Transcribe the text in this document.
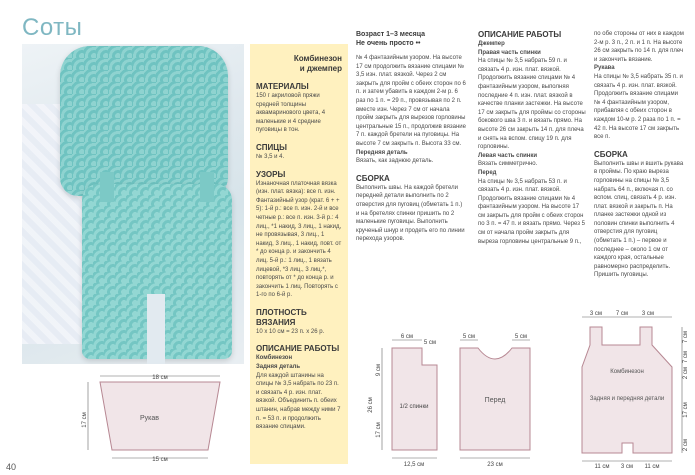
Соты
Комбинезон
и джемпер
МАТЕРИАЛЫ
150 г акриловой пряжи средней толщины аквамаринового цвета, 4 маленькие и 4 средние пуговицы в тон.
СПИЦЫ
№ 3,5 и 4.
УЗОРЫ
Изнаночная платочная вязка (изн. плат. вязка): все п. изн. Фантазийный узор (крат. 6 + + 5): 1-й р.: все п. изн. 2-й и все четные р.: все п. изн. 3-й р.: 4 лиц., *1 накид, 3 лиц., 1 накид, не провязывая, 3 лиц., 1 накид, 3 лиц., 1 накид, повт. от * до конца р. и закончить 4 лиц. 5-й р.: 1 лиц., 1 вязать лицевой, *3 лиц., 3 лиц.*, повторять от * до конца р. и закончить 1 лиц. Повторять с 1-го по 6-й р.
ПЛОТНОСТЬ ВЯЗАНИЯ
10 х 10 см = 23 п. х 26 р.
ОПИСАНИЕ РАБОТЫ
Комбинезон
Задняя деталь
Для каждой штанины на спицы № 3,5 набрать по 23 п. и связать 4 р. изн. плат. вязкой. Объединить п. обеих штанин, набрав между ними 7 п. = 53 п. и продолжить вязание спицами.
Возраст 1–3 месяца
Не очень просто ••
№ 4 фантазийным узором. На высоте 17 см продолжить вязание спицами № 3,5 изн. плат. вязкой. Через 2 см закрыть для пройм с обеих сторон по 6 п. и затем убавить в каждом 2-м р. 6 раз по 1 п. = 29 п., провязывая по 2 п. вместе изн. Через 7 см от начала пройм закрыть для вырезов горловины центральные 15 п., продолжив вязание 7 п. каждой бретели на пуговицы. На высоте 7 см закрыть п. Высота 33 см.
Передняя деталь
Вязать, как заднюю деталь.
СБОРКА
Выполнить швы. На каждой бретели передней детали выполнить по 2 отверстия для пуговиц (обметать 1 п.) и на бретелях спинки пришить по 2 маленькие пуговицы. Выполнить крученый шнур и продеть его по линии перехода узоров.
ОПИСАНИЕ РАБОТЫ
Джемпер
Правая часть спинки
На спицы № 3,5 набрать 59 п. и связать 4 р. изн. плат. вязкой. Продолжить вязание спицами № 4 фантазийным узором, выполняя последние 4 п. изн. плат. вязкой в качестве планки застежки. На высоте 17 см закрыть для проймы со стороны бокового шва 3 п. и вязать прямо. На высоте 26 см закрыть 14 п. для плеча и снять на вспом. спицу 19 п. для горловины.
Левая часть спинки
Вязать симметрично.
Перед
На спицы № 3,5 набрать 53 п. и связать 4 р. изн. плат. вязкой. Продолжить вязание спицами № 4 фантазийным узором. На высоте 17 см закрыть для пройм с обеих сторон по 3 п. = 47 п. и вязать прямо. Через 5 см от начала пройм закрыть для выреза горловины центральные 9 п.,
по обе стороны от них в каждом 2-м р. 3 п., 2 п. и 1 п. На высоте 26 см закрыть по 14 п. для плеч и закончить вязание.
Рукава
На спицы № 3,5 набрать 35 п. и связать 4 р. изн. плат. вязкой. Продолжить вязание спицами № 4 фантазийным узором, прибавляя с обеих сторон в каждом 10-м р. 2 раза по 1 п. = 42 п. На высоте 17 см закрыть все п.
СБОРКА
Выполнить швы и вшить рукава в проймы. По краю выреза горловины на спицы № 3,5 набрать 64 п., включая п. со вспом. спиц, связать 4 р. изн. плат. вязкой и закрыть п. На планке застежки одной из половин спинки выполнить 4 отверстия для пуговиц (обметать 1 п.) – первое и последнее – около 1 см от каждого края, остальные равномерно распределить. Пришить пуговицы.
18 см
17 см
15 см
Рукав
6 см
5 см
9 см
26 см
17 см
1/2 спинки
12,5 см
5 см	5 см
Перед
23 см
3 см 7 см 3 см
7 см
7 см
2 см
17 см
2 см
Комбинезон
Задняя и передняя детали
11 см 3 см 11 см
40
